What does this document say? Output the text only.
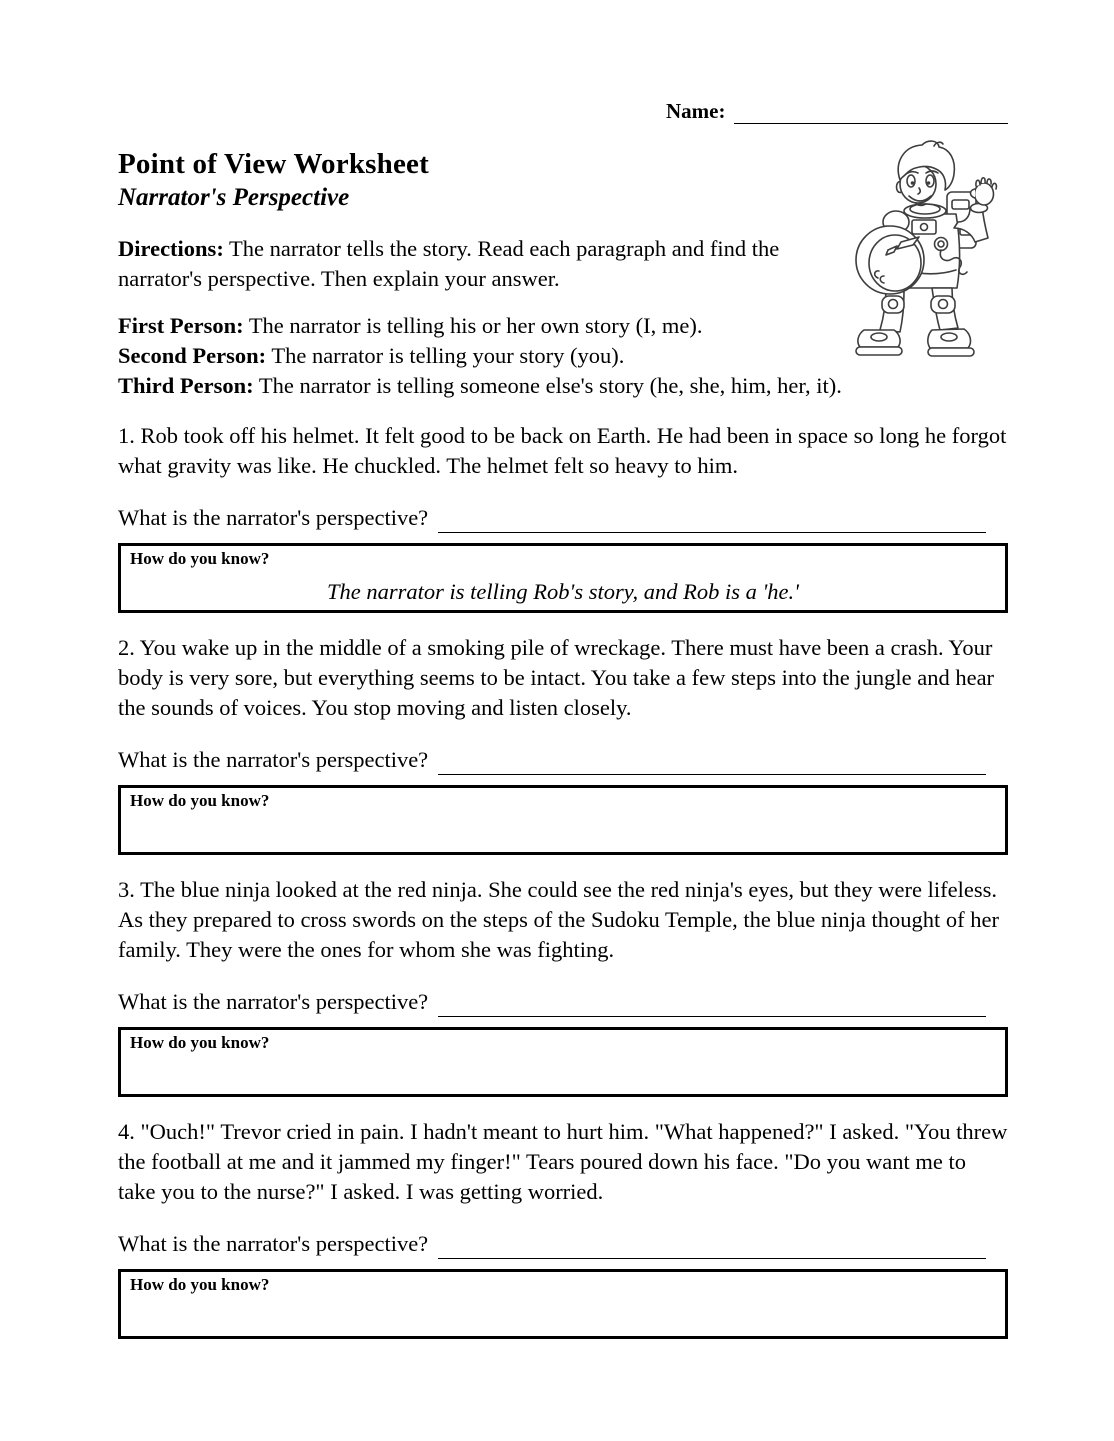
Name:
Point of View Worksheet
Narrator's Perspective

Directions: The narrator tells the story. Read each paragraph and find the narrator's perspective. Then explain your answer.

First Person: The narrator is telling his or her own story (I, me).
Second Person: The narrator is telling your story (you).
Third Person: The narrator is telling someone else's story (he, she, him, her, it).

1. Rob took off his helmet. It felt good to be back on Earth. He had been in space so long he forgot what gravity was like. He chuckled. The helmet felt so heavy to him.

What is the narrator's perspective?
How do you know?
The narrator is telling Rob's story, and Rob is a 'he.'

2. You wake up in the middle of a smoking pile of wreckage. There must have been a crash. Your body is very sore, but everything seems to be intact. You take a few steps into the jungle and hear the sounds of voices. You stop moving and listen closely.

What is the narrator's perspective?
How do you know?

3. The blue ninja looked at the red ninja. She could see the red ninja's eyes, but they were lifeless. As they prepared to cross swords on the steps of the Sudoku Temple, the blue ninja thought of her family. They were the ones for whom she was fighting.

What is the narrator's perspective?
How do you know?

4. "Ouch!" Trevor cried in pain. I hadn't meant to hurt him. "What happened?" I asked. "You threw the football at me and it jammed my finger!" Tears poured down his face. "Do you want me to take you to the nurse?" I asked. I was getting worried.

What is the narrator's perspective?
How do you know?
